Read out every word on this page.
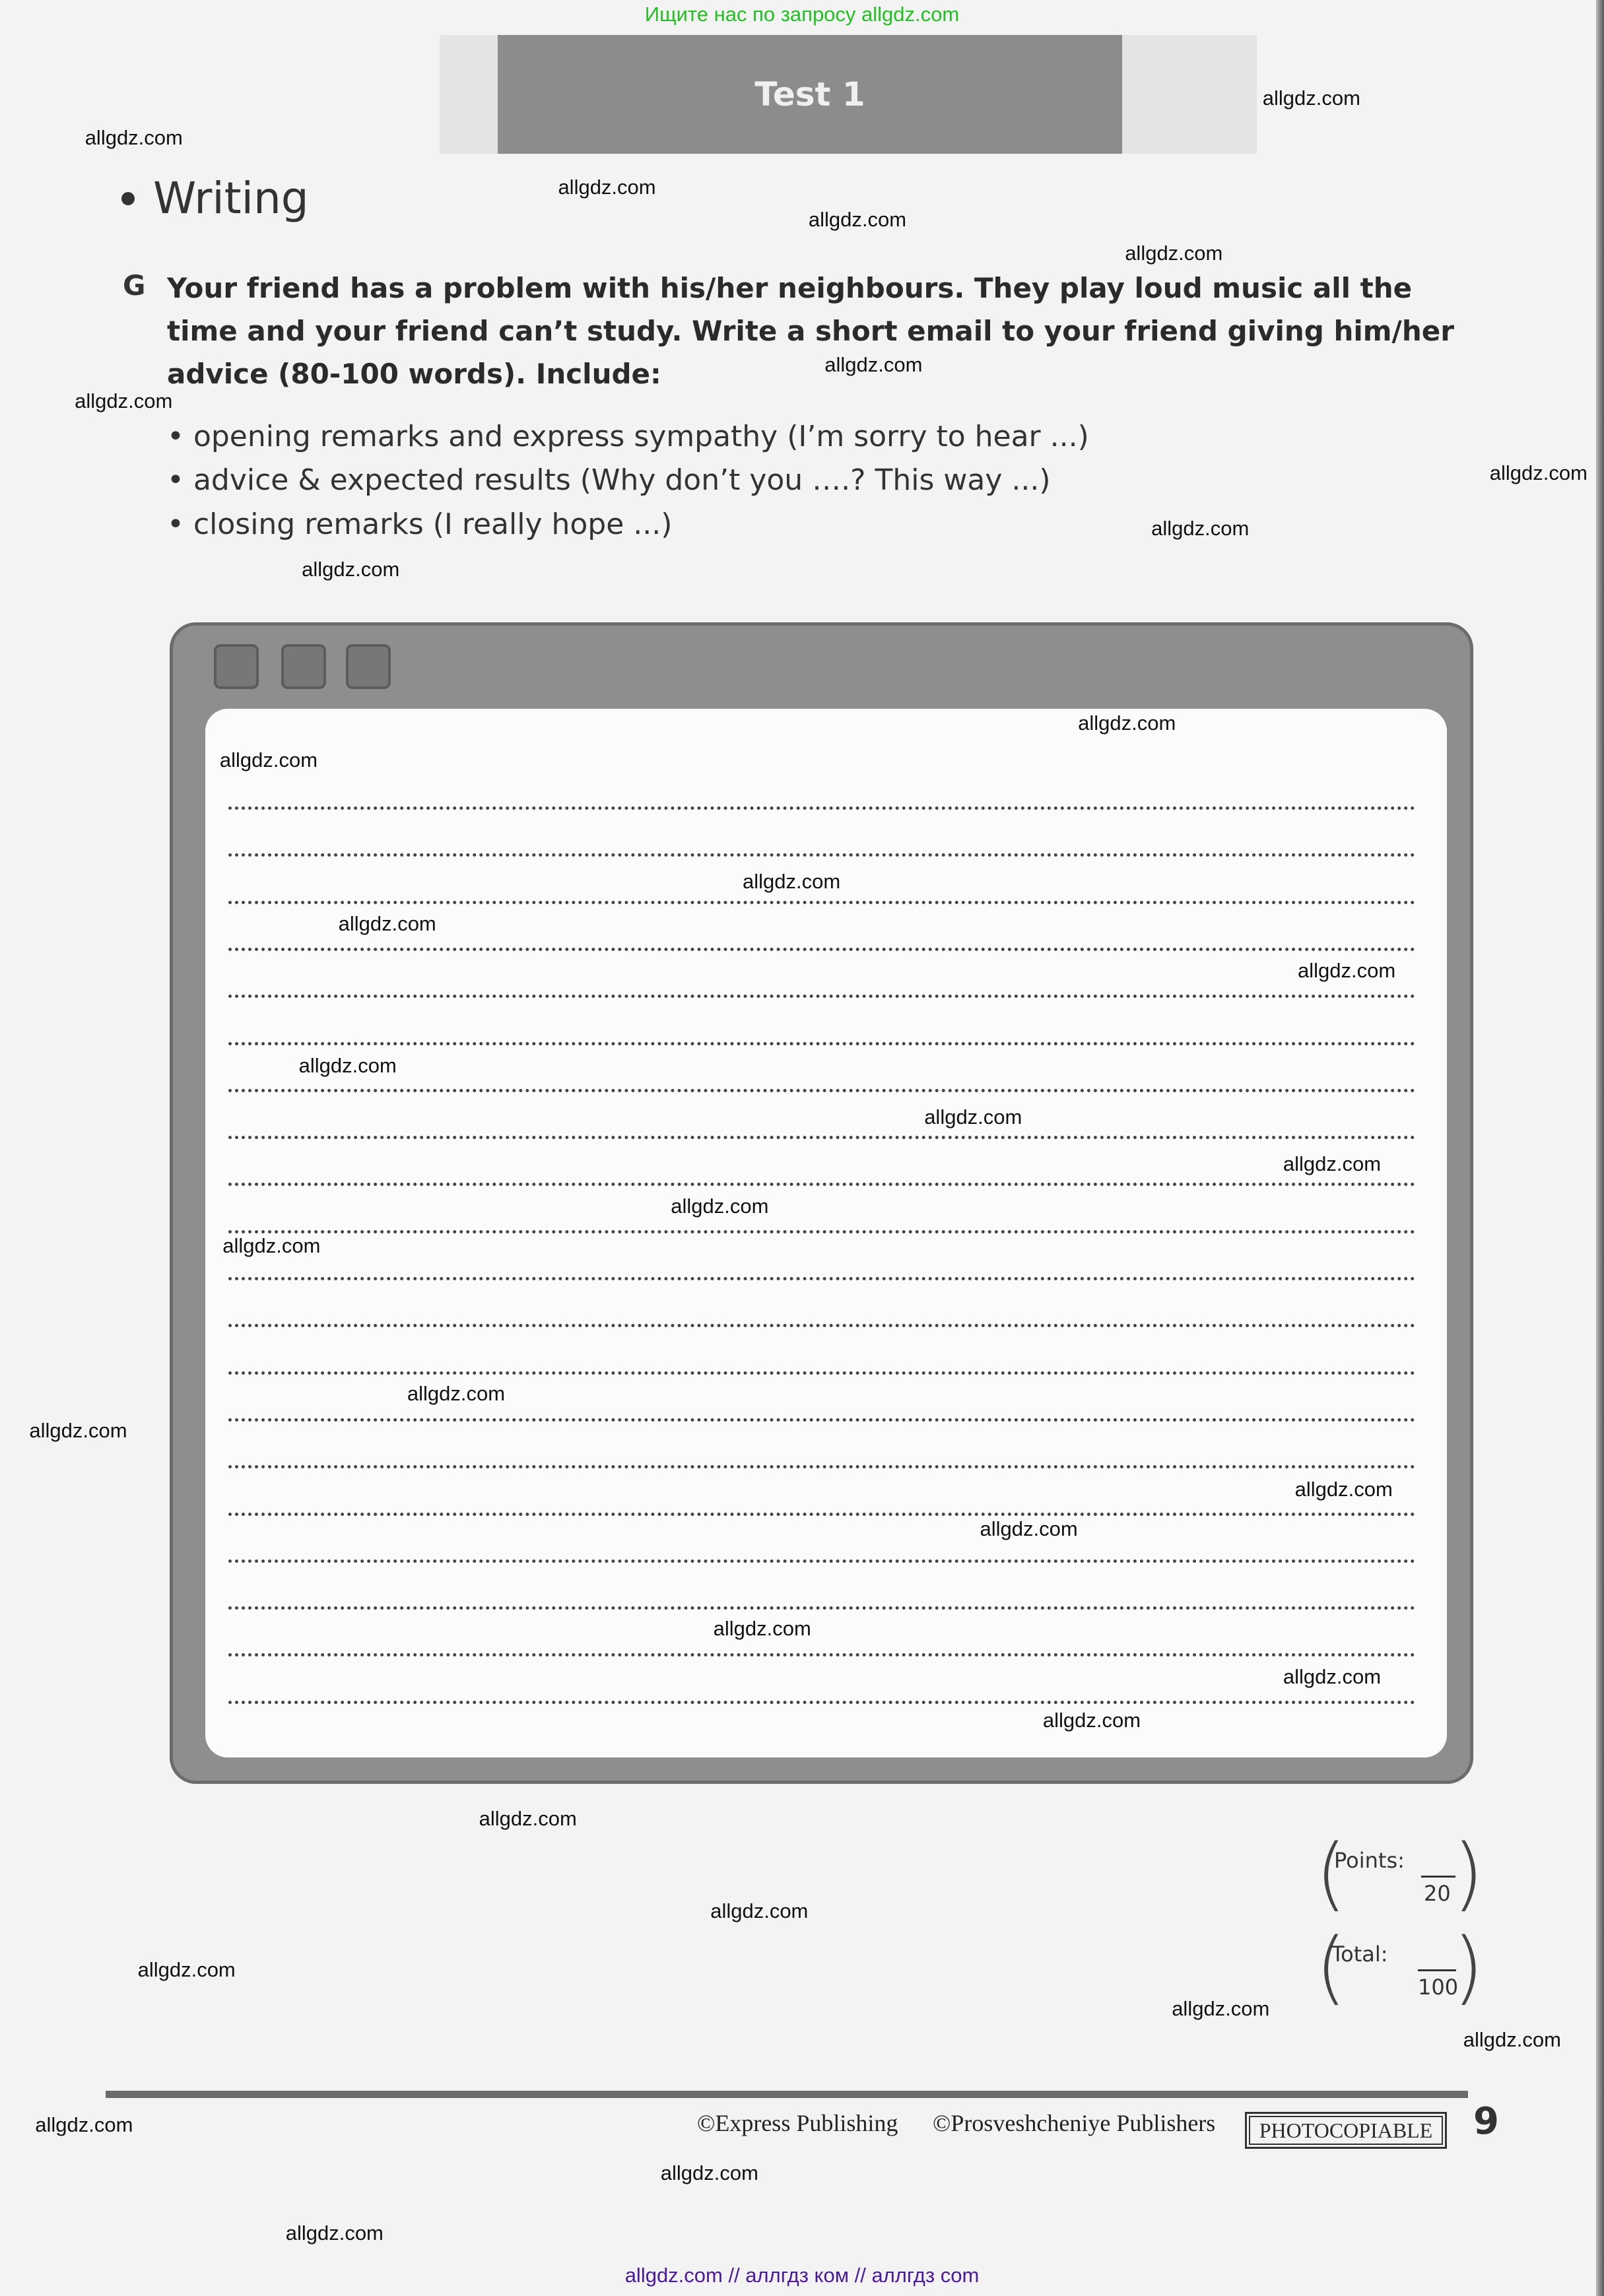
Ищите нас по запросу allgdz.com
Test 1
Writing
G Your friend has a problem with his/her neighbours. They play loud music all the time and your friend can’t study. Write a short email to your friend giving him/her advice (80-100 words). Include:
• opening remarks and express sympathy (I’m sorry to hear ...)
• advice & expected results (Why don’t you ….? This way ...)
• closing remarks (I really hope ...)
(
Points:
20 )
(
Total:
100
)
©Express Publishing ©Prosveshcheniye Publishers	PHOTOCOPIABLE	9
allgdz.com // аллгдз ком // аллгдз com
allgdz.com
allgdz.com
allgdz.com
allgdz.com
allgdz.com
allgdz.com
allgdz.com
allgdz.com
allgdz.com
allgdz.com
allgdz.com
allgdz.com
allgdz.com
allgdz.com
allgdz.com
allgdz.com
allgdz.com
allgdz.com
allgdz.com
allgdz.com
allgdz.com
allgdz.com
allgdz.com
allgdz.com
allgdz.com
allgdz.com
allgdz.com
allgdz.com
allgdz.com
allgdz.com
allgdz.com
allgdz.com
allgdz.com
allgdz.com
allgdz.com
